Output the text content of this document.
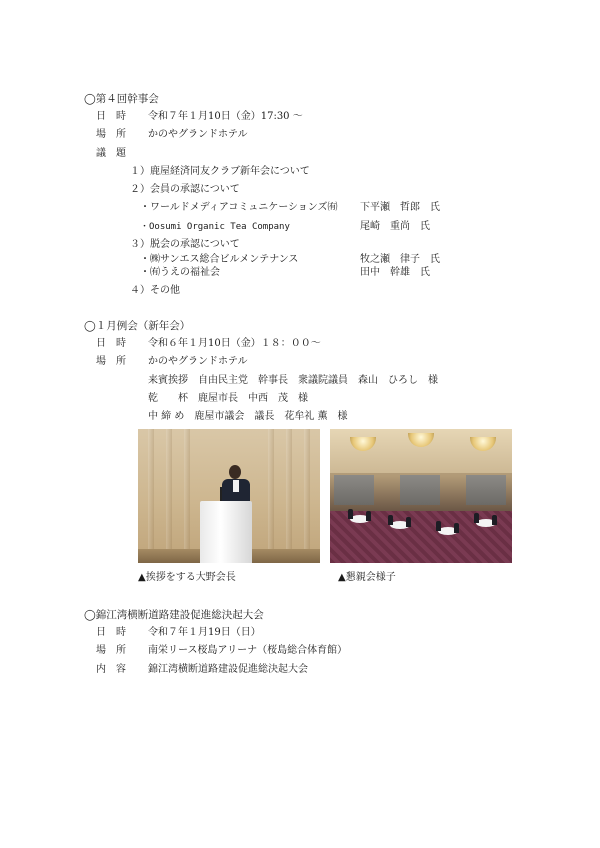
◯第４回幹事会
日　時 令和７年１月10日（金）17:30 ～
場　所 かのやグランドホテル
議　題
１）鹿屋経済同友クラブ新年会について
２）会員の承認について
・ワールドメディアコミュニケーションズ㈲ 下平瀬　哲郎　氏
・Oosumi Organic Tea Company	尾崎　重尚　氏
３）脱会の承認について
・㈱サンエス総合ビルメンテナンス	牧之瀬　律子　氏
・㈲うえの福祉会	田中　幹雄　氏
４）その他
◯１月例会（新年会）
日　時 令和６年１月10日（金）１８：００～
場　所 かのやグランドホテル
来賓挨拶　自由民主党　幹事長　衆議院議員　森山　ひろし　様
乾　　杯　鹿屋市長　中西　茂　様
中 締 め　鹿屋市議会　議長　花牟礼 薫　様
▲挨拶をする大野会長	▲懇親会様子
◯錦江湾横断道路建設促進総決起大会
日　時 令和７年１月19日（日）
場　所 南栄リース桜島アリーナ（桜島総合体育館）
内　容 錦江湾横断道路建設促進総決起大会
